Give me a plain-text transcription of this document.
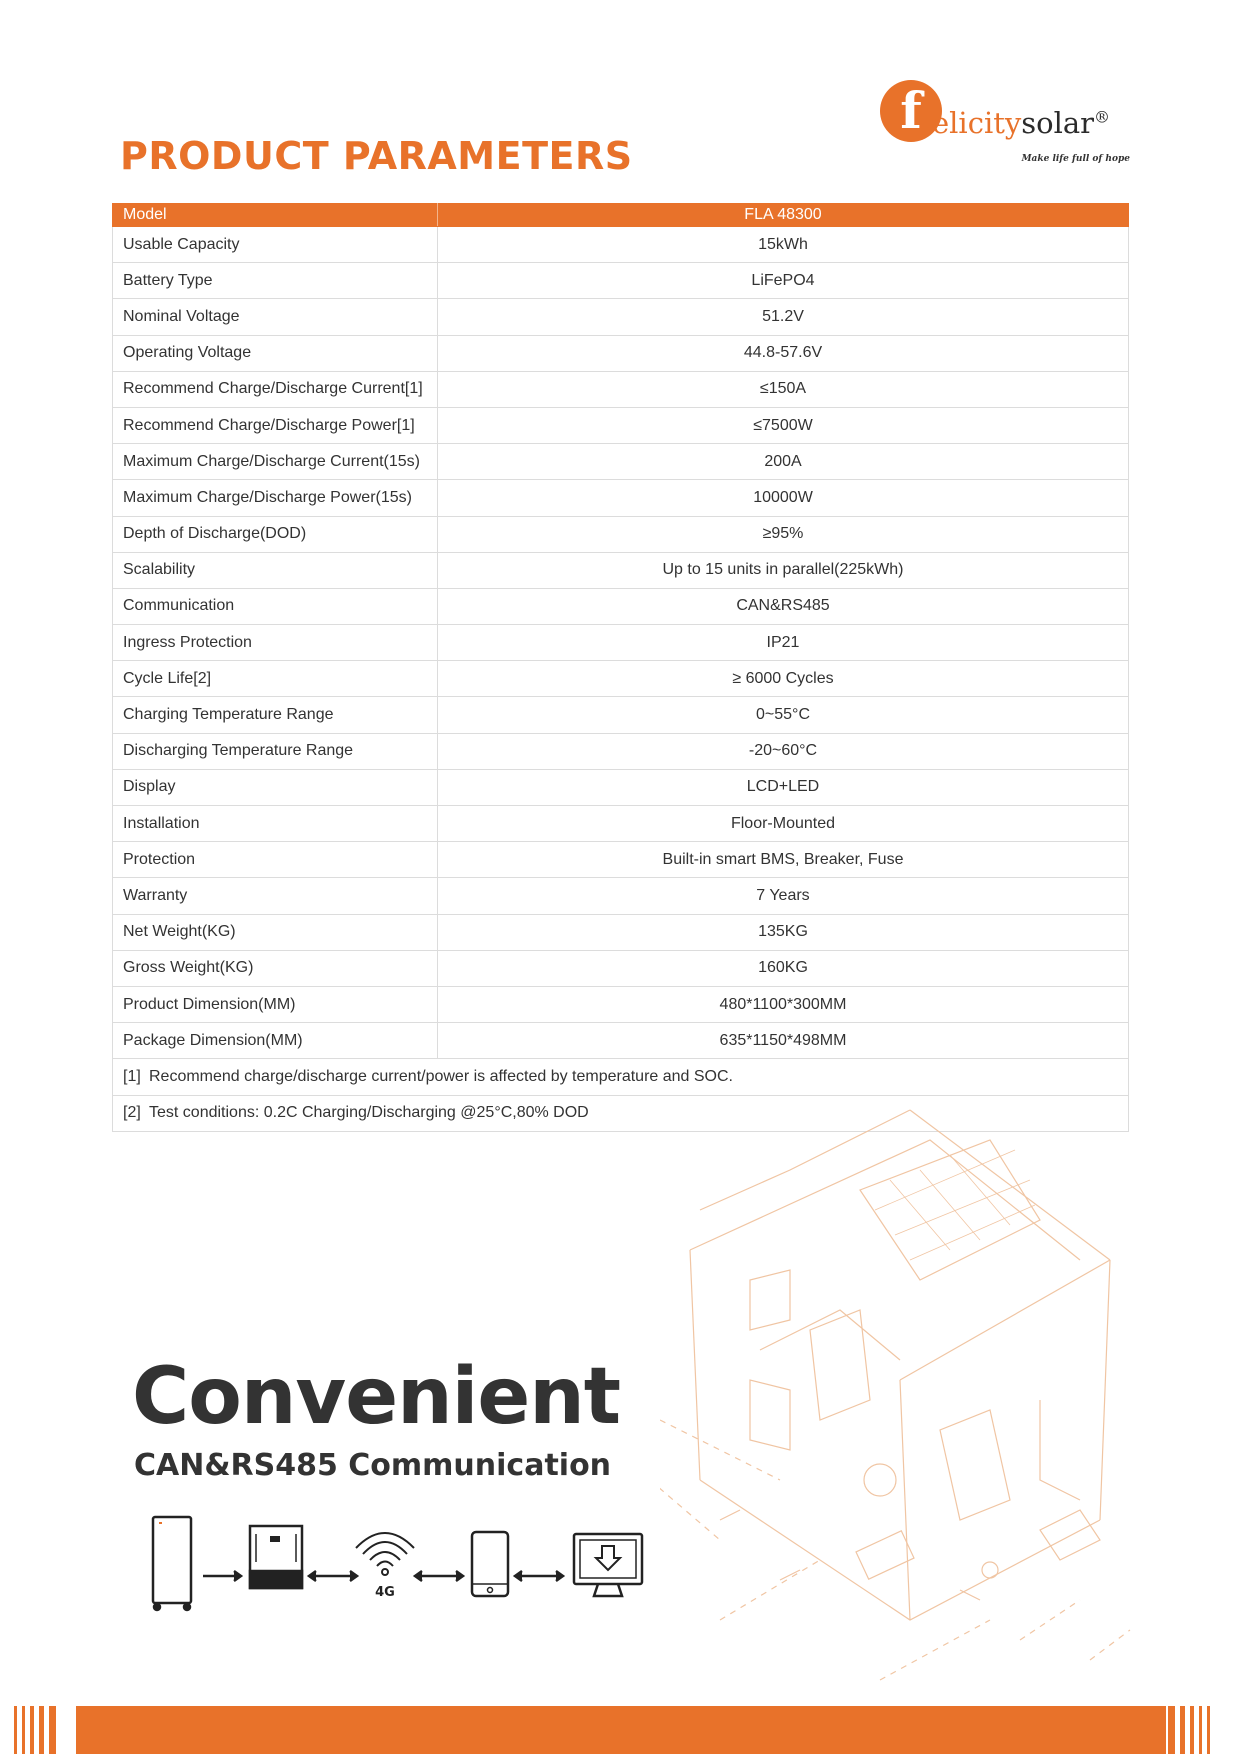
PRODUCT PARAMETERS
f elicitysolar®
Make life full of hope
Model	FLA 48300
Usable Capacity	15kWh
Battery Type	LiFePO4
Nominal Voltage	51.2V
Operating Voltage	44.8-57.6V
Recommend Charge/Discharge Current[1]	≤150A
Recommend Charge/Discharge Power[1]	≤7500W
Maximum Charge/Discharge Current(15s)	200A
Maximum Charge/Discharge Power(15s)	10000W
Depth of Discharge(DOD)	≥95%
Scalability	Up to 15 units in parallel(225kWh)
Communication	CAN&RS485
Ingress Protection	IP21
Cycle Life[2]	≥ 6000 Cycles
Charging Temperature Range	0~55°C
Discharging Temperature Range	-20~60°C
Display	LCD+LED
Installation	Floor-Mounted
Protection	Built-in smart BMS, Breaker, Fuse
Warranty	7 Years
Net Weight(KG)	135KG
Gross Weight(KG)	160KG
Product Dimension(MM)	480*1100*300MM
Package Dimension(MM)	635*1150*498MM
[1] Recommend charge/discharge current/power is affected by temperature and SOC.	
[2] Test conditions: 0.2C Charging/Discharging @25°C,80% DOD	
Convenient
CAN&RS485 Communication
4G
